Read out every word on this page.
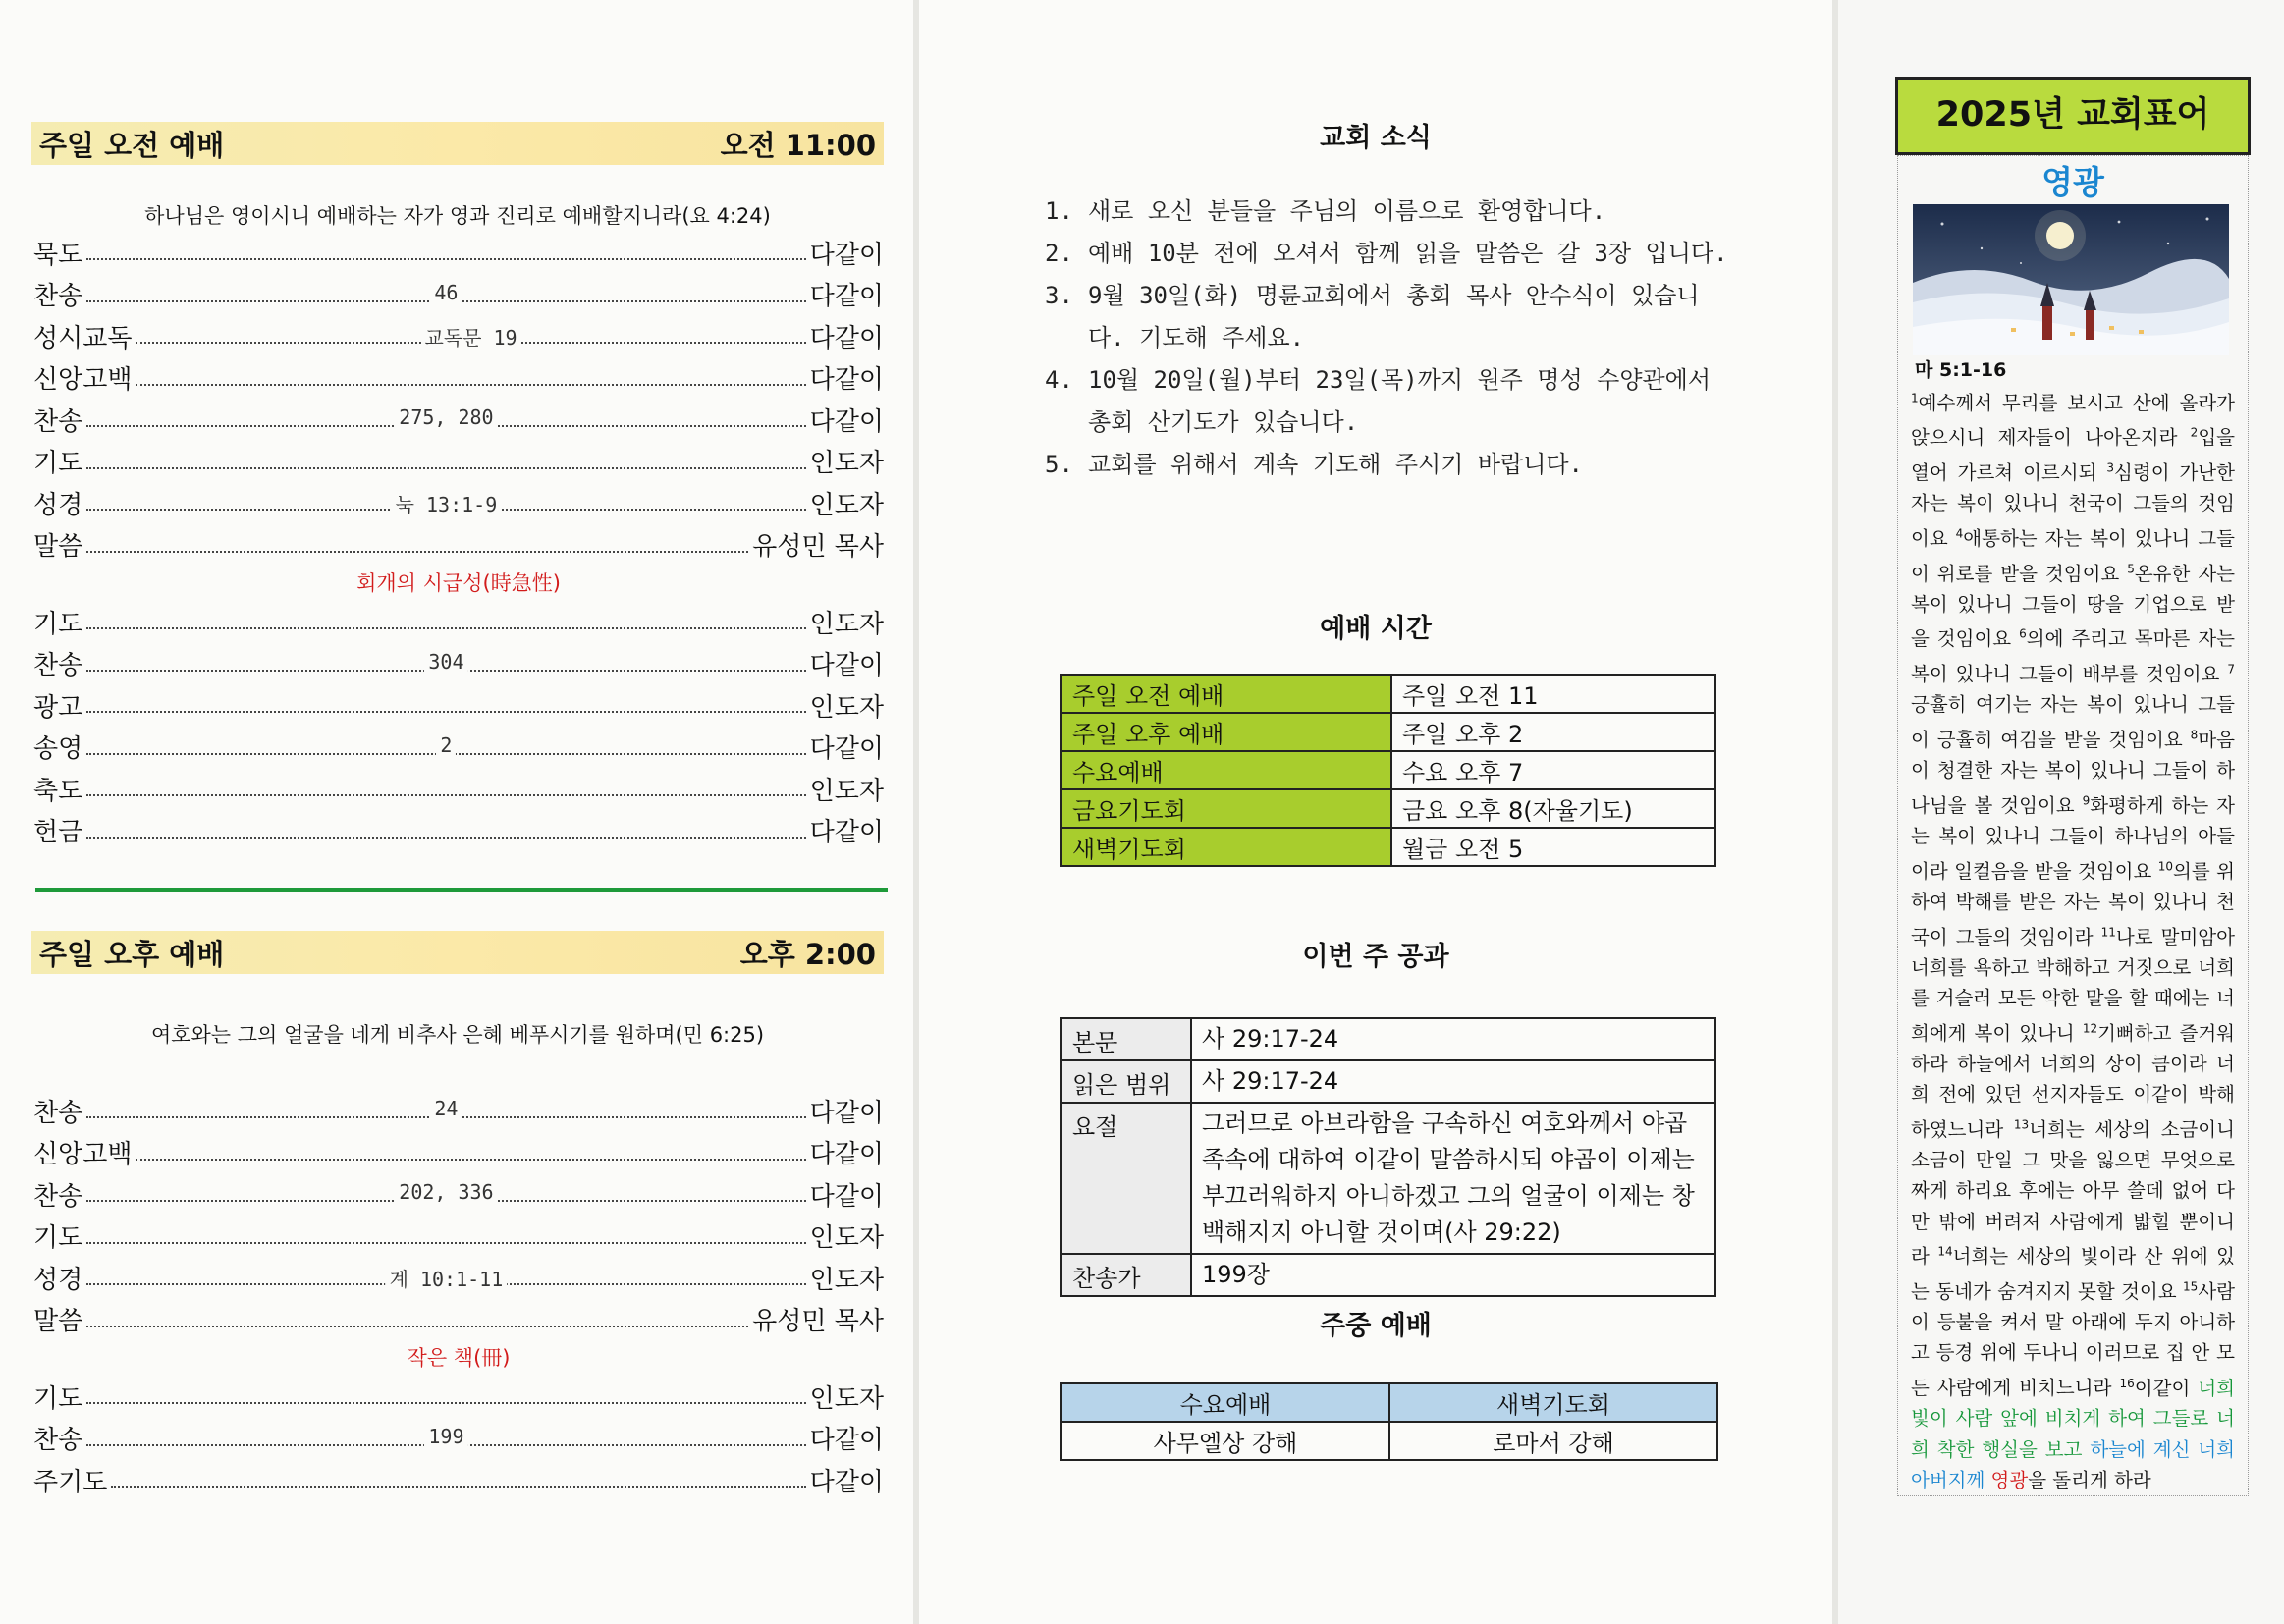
주일 오전 예배	오전 11:00
하나님은 영이시니 예배하는 자가 영과 진리로 예배할지니라(요 4:24)
묵도	다같이
찬송	46	다같이
성시교독	교독문 19	다같이
신앙고백	다같이
찬송	275, 280	다같이
기도	인도자
성경	눅 13:1-9	인도자
말씀	유성민 목사
회개의 시급성(時急性)
기도	인도자
찬송	304	다같이
광고	인도자
송영	2	다같이
축도	인도자
헌금	다같이
주일 오후 예배	오후 2:00
여호와는 그의 얼굴을 네게 비추사 은혜 베푸시기를 원하며(민 6:25)
찬송	24	다같이
신앙고백	다같이
찬송	202, 336	다같이
기도	인도자
성경	계 10:1-11	인도자
말씀	유성민 목사
작은 책(冊)
기도	인도자
찬송	199	다같이
주기도	다같이
교회 소식
1. 새로 오신 분들을 주님의 이름으로 환영합니다.
2. 예배 10분 전에 오셔서 함께 읽을 말씀은 갈 3장 입니다.
3. 9월 30일(화) 명륜교회에서 총회 목사 안수식이 있습니다. 기도해 주세요.
4. 10월 20일(월)부터 23일(목)까지 원주 명성 수양관에서 총회 산기도가 있습니다.
5. 교회를 위해서 계속 기도해 주시기 바랍니다.
예배 시간
주일 오전 예배	주일 오전 11
주일 오후 예배	주일 오후 2
수요예배	수요 오후 7
금요기도회	금요 오후 8(자율기도)
새벽기도회	월금 오전 5
이번 주 공과
본문	사 29:17-24
읽은 범위	사 29:17-24
요절	그러므로 아브라함을 구속하신 여호와께서 야곱 족속에 대하여 이같이 말씀하시되 야곱이 이제는 부끄러워하지 아니하겠고 그의 얼굴이 이제는 창백해지지 아니할 것이며(사 29:22)
찬송가	199장
주중 예배
수요예배	새벽기도회
사무엘상 강해	로마서 강해
2025년 교회표어
영광
마 5:1-16
$^1$예수께서 무리를 보시고 산에 올라가 앉으시니 제자들이 나아온지라 $^2$입을 열어 가르쳐 이르시되 $^3$심령이 가난한 자는 복이 있나니 천국이 그들의 것임이요 $^4$애통하는 자는 복이 있나니 그들이 위로를 받을 것임이요 $^5$온유한 자는 복이 있나니 그들이 땅을 기업으로 받을 것임이요 $^6$의에 주리고 목마른 자는 복이 있나니 그들이 배부를 것임이요 $^7$긍휼히 여기는 자는 복이 있나니 그들이 긍휼히 여김을 받을 것임이요 $^8$마음이 청결한 자는 복이 있나니 그들이 하나님을 볼 것임이요 $^9$화평하게 하는 자는 복이 있나니 그들이 하나님의 아들이라 일컬음을 받을 것임이요 $^{10}$의를 위하여 박해를 받은 자는 복이 있나니 천국이 그들의 것임이라 $^{11}$나로 말미암아 너희를 욕하고 박해하고 거짓으로 너희를 거슬러 모든 악한 말을 할 때에는 너희에게 복이 있나니 $^{12}$기뻐하고 즐거워하라 하늘에서 너희의 상이 큼이라 너희 전에 있던 선지자들도 이같이 박해하였느니라 $^{13}$너희는 세상의 소금이니 소금이 만일 그 맛을 잃으면 무엇으로 짜게 하리요 후에는 아무 쓸데 없어 다만 밖에 버려져 사람에게 밟힐 뿐이니라 $^{14}$너희는 세상의 빛이라 산 위에 있는 동네가 숨겨지지 못할 것이요 $^{15}$사람이 등불을 켜서 말 아래에 두지 아니하고 등경 위에 두나니 이러므로 집 안 모든 사람에게 비치느니라 $^{16}$이같이 너희 빛이 사람 앞에 비치게 하여 그들로 너희 착한 행실을 보고 하늘에 계신 너희 아버지께 영광을 돌리게 하라
